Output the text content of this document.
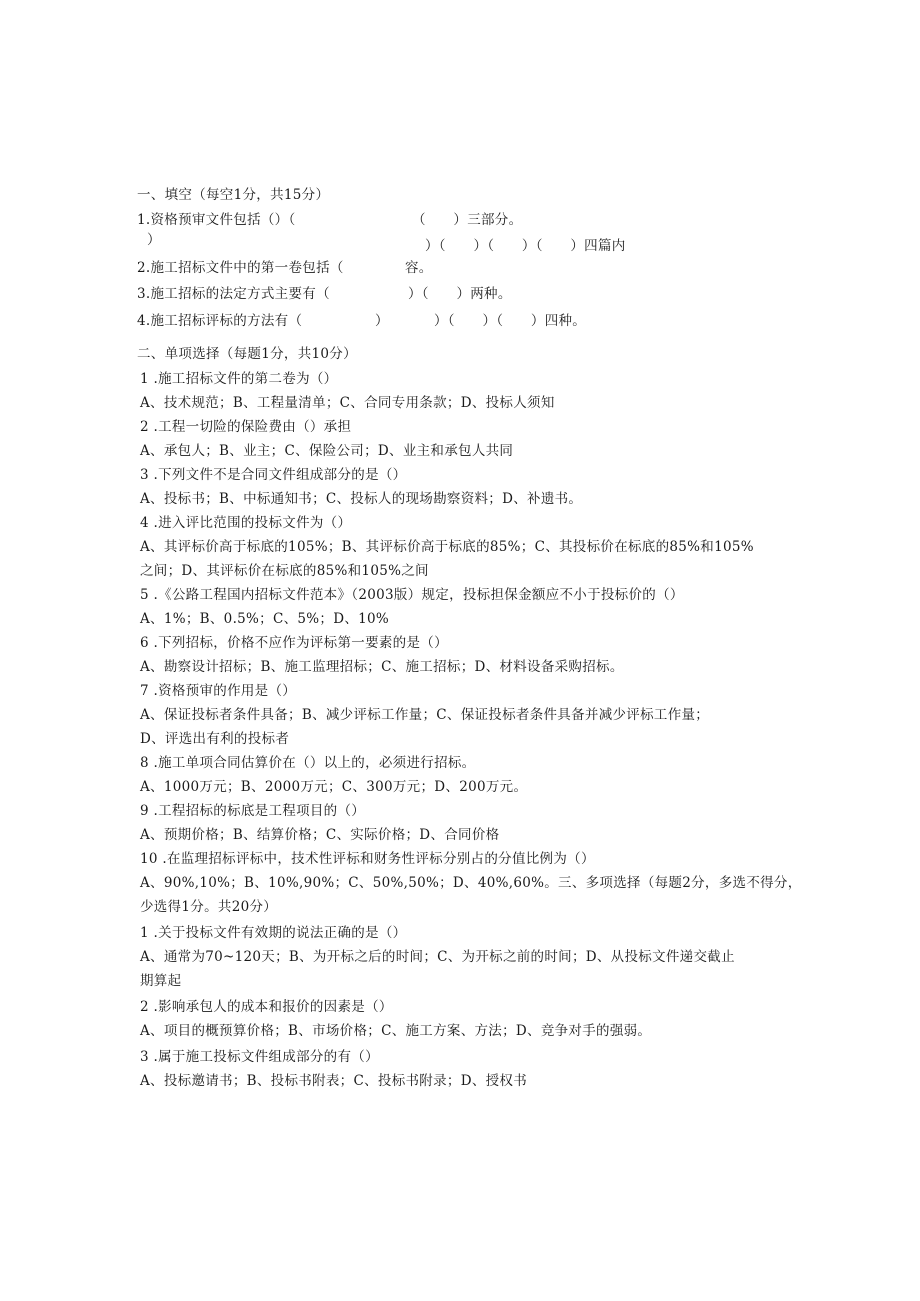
一、填空（每空1分，共15分）
1.资格预审文件包括（）（	（　　）三部分。
）	）（　　）（　　）（　　）四篇内
2.施工招标文件中的第一卷包括（	容。
3.施工招标的法定方式主要有（	）（　　）两种。
4.施工招标评标的方法有（	）	）（　　）（　　）四种。
二、单项选择（每题1分，共10分）
1 .施工招标文件的第二卷为（）
A、技术规范；B、工程量清单；C、合同专用条款；D、投标人须知
2 .工程一切险的保险费由（）承担
A、承包人；B、业主；C、保险公司；D、业主和承包人共同
3 .下列文件不是合同文件组成部分的是（）
A、投标书；B、中标通知书；C、投标人的现场勘察资料；D、补遗书。
4 .进入评比范围的投标文件为（）
A、其评标价高于标底的105%；B、其评标价高于标底的85%；C、其投标价在标底的85%和105%
之间；D、其评标价在标底的85%和105%之间
5 .《公路工程国内招标文件范本》（2003版）规定，投标担保金额应不小于投标价的（）
A、1%；B、0.5%；C、5%；D、10%
6 .下列招标，价格不应作为评标第一要素的是（）
A、勘察设计招标；B、施工监理招标；C、施工招标；D、材料设备采购招标。
7 .资格预审的作用是（）
A、保证投标者条件具备；B、减少评标工作量；C、保证投标者条件具备并减少评标工作量；
D、评选出有利的投标者
8 .施工单项合同估算价在（）以上的，必须进行招标。
A、1000万元；B、2000万元；C、300万元；D、200万元。
9 .工程招标的标底是工程项目的（）
A、预期价格；B、结算价格；C、实际价格；D、合同价格
10 .在监理招标评标中，技术性评标和财务性评标分别占的分值比例为（）
A、90%,10%；B、10%,90%；C、50%,50%；D、40%,60%。三、多项选择（每题2分，多选不得分，
少选得1分。共20分）
1 .关于投标文件有效期的说法正确的是（）
A、通常为70~120天；B、为开标之后的时间；C、为开标之前的时间；D、从投标文件递交截止
期算起
2 .影响承包人的成本和报价的因素是（）
A、项目的概预算价格；B、市场价格；C、施工方案、方法；D、竞争对手的强弱。
3 .属于施工投标文件组成部分的有（）
A、投标邀请书；B、投标书附表；C、投标书附录；D、授权书
